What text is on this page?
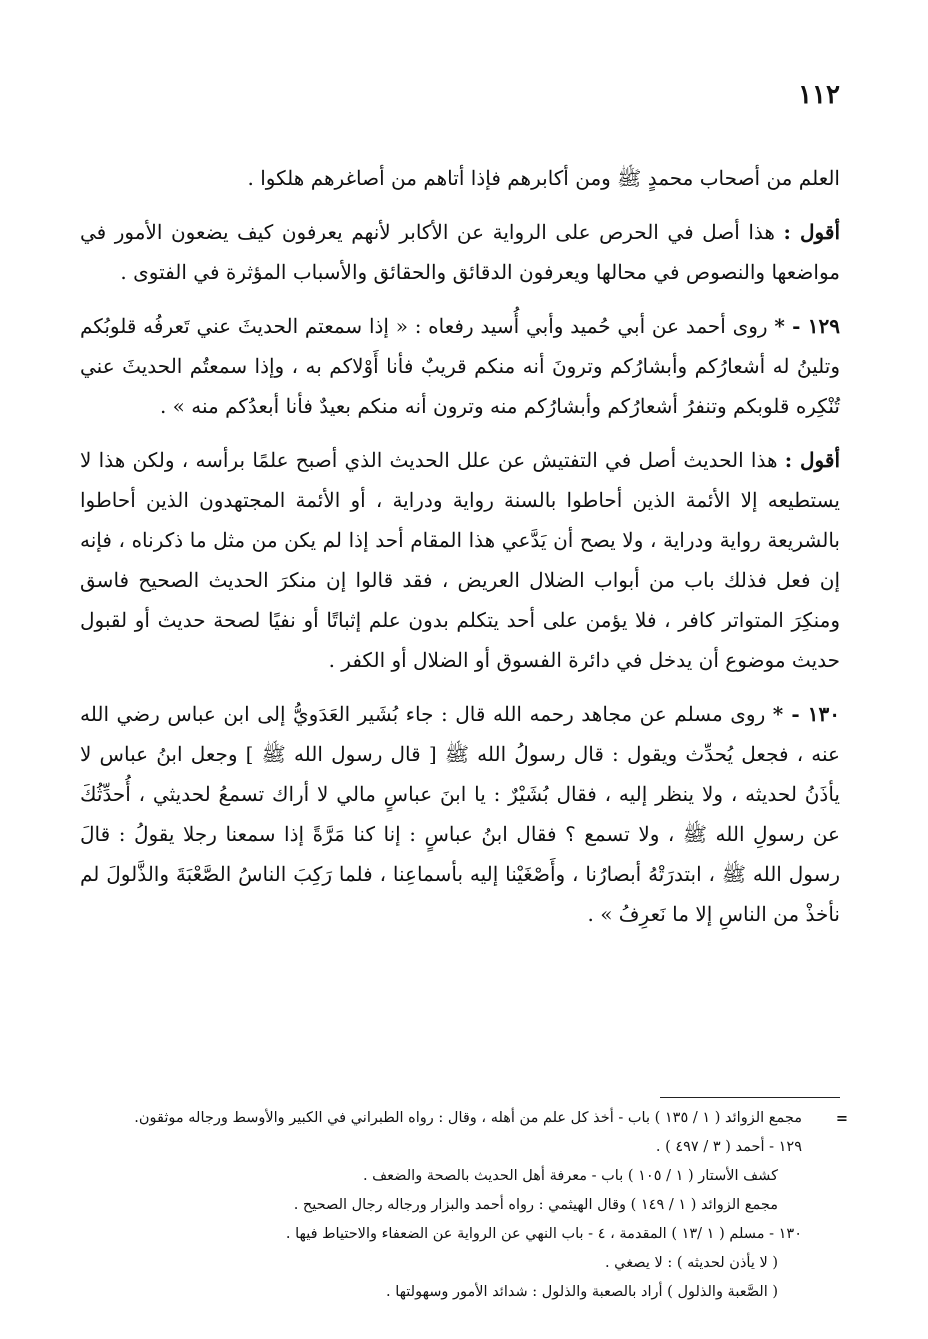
١١٢

العلم من أصحاب محمدٍ ﷺ ومن أكابرهم فإذا أتاهم من أصاغرهم هلكوا .

أقول : هذا أصل في الحرص على الرواية عن الأكابر لأنهم يعرفون كيف يضعون الأمور في مواضعها والنصوص في محالها ويعرفون الدقائق والحقائق والأسباب المؤثرة في الفتوى .

١٢٩ - * روى أحمد عن أبي حُميد وأبي أُسيد رفعاه : « إذا سمعتم الحديثَ عني تَعرفُه قلوبُكم وتلينُ له أشعارُكم وأبشارُكم وترونَ أنه منكم قريبٌ فأنا أَوْلاكم به ، وإذا سمعتُم الحديثَ عني تُنْكِره قلوبكم وتنفرُ أشعارُكم وأبشارُكم منه وترون أنه منكم بعيدٌ فأنا أبعدُكم منه » .

أقول : هذا الحديث أصل في التفتيش عن علل الحديث الذي أصبح علمًا برأسه ، ولكن هذا لا يستطيعه إلا الأئمة الذين أحاطوا بالسنة رواية ودراية ، أو الأئمة المجتهدون الذين أحاطوا بالشريعة رواية ودراية ، ولا يصح أن يَدَّعي هذا المقام أحد إذا لم يكن من مثل ما ذكرناه ، فإنه إن فعل فذلك باب من أبواب الضلال العريض ، فقد قالوا إن منكرَ الحديث الصحيح فاسق ومنكِرَ المتواتر كافر ، فلا يؤمن على أحد يتكلم بدون علم إثباتًا أو نفيًا لصحة حديث أو لقبول حديث موضوع أن يدخل في دائرة الفسوق أو الضلال أو الكفر .

١٣٠ - * روى مسلم عن مجاهد رحمه الله قال : جاء بُشَير العَدَويُّ إلى ابن عباس رضي الله عنه ، فجعل يُحدِّث ويقول : قال رسولُ الله ﷺ [ قال رسول الله ﷺ ] وجعل ابنُ عباس لا يأذَنُ لحديثه ، ولا ينظر إليه ، فقال بُشَيْرٌ : يا ابنَ عباسٍ مالي لا أراك تسمعُ لحديثي ، أُحدِّثُكَ عن رسولِ الله ﷺ ، ولا تسمع ؟ فقال ابنُ عباسٍ : إنا كنا مَرَّةً إذا سمعنا رجلا يقولُ : قالَ رسول الله ﷺ ، ابتدرَتْهُ أبصارُنا ، وأَصْغَيْنا إليه بأسماعِنا ، فلما رَكِبَ الناسُ الصَّعْبَةَ والذَّلولَ لم نأخذْ من الناسِ إلا ما نَعرِفُ » .

=
مجمع الزوائد ( ١ / ١٣٥ ) باب - أخذ كل علم من أهله ، وقال : رواه الطبراني في الكبير والأوسط ورجاله موثقون.
١٢٩ - أحمد ( ٣ / ٤٩٧ ) .
كشف الأستار ( ١ / ١٠٥ ) باب - معرفة أهل الحديث بالصحة والضعف .
مجمع الزوائد ( ١ / ١٤٩ ) وقال الهيثمي : رواه أحمد والبزار ورجاله رجال الصحيح .
١٣٠ - مسلم ( ١ /١٣ ) المقدمة ، ٤ - باب النهي عن الرواية عن الضعفاء والاحتياط فيها .
( لا يأذن لحديثه ) : لا يصغي .
( الصَّعبة والذلول ) أراد بالصعبة والذلول : شدائد الأمور وسهولتها .
